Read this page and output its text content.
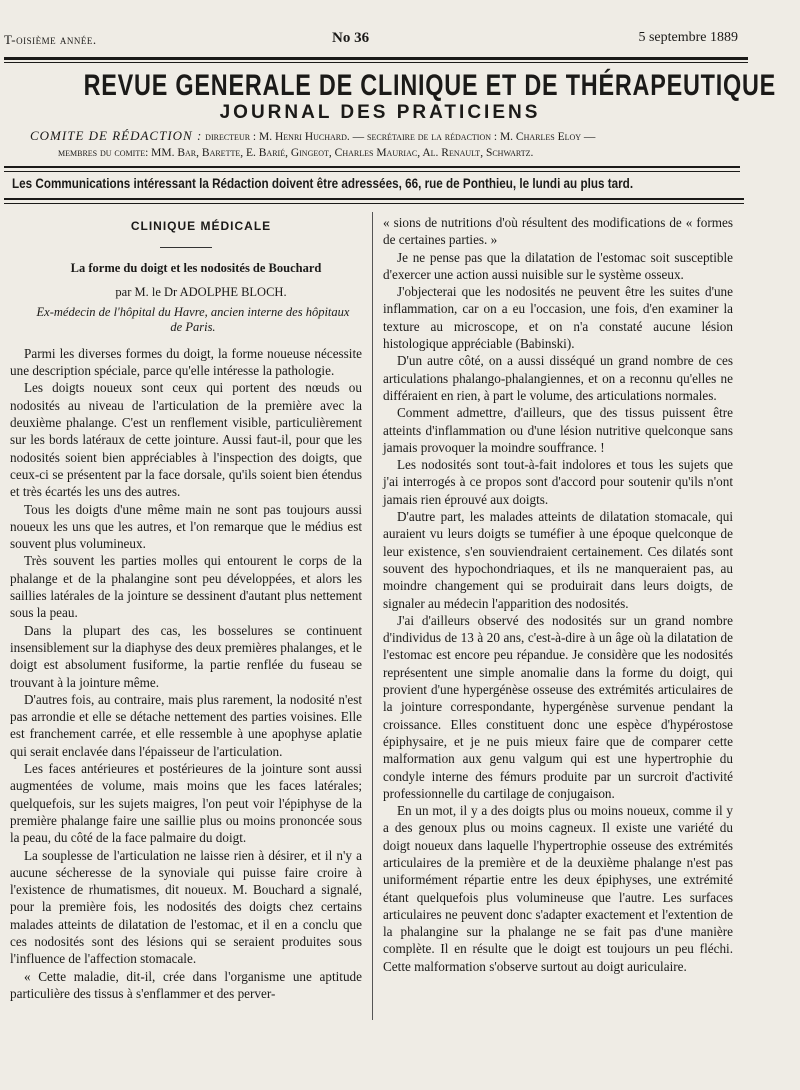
T-oisième année.	No 36	5 septembre 1889
REVUE GENERALE DE CLINIQUE ET DE THÉRAPEUTIQUE
JOURNAL DES PRATICIENS
COMITE DE RÉDACTION : directeur : M. Henri Huchard. — secrétaire de la rédaction : M. Charles Eloy —
membres du comite: MM. Bar, Barette, E. Barié, Gingeot, Charles Mauriac, Al. Renault, Schwartz.
Les Communications intéressant la Rédaction doivent être adressées, 66, rue de Ponthieu, le lundi au plus tard.
CLINIQUE MÉDICALE
La forme du doigt et les nodosités de Bouchard
par M. le Dr ADOLPHE BLOCH.
Ex-médecin de l'hôpital du Havre, ancien interne des hôpitaux de Paris.

Parmi les diverses formes du doigt, la forme noueuse nécessite une description spéciale, parce qu'elle intéresse la pathologie.

Les doigts noueux sont ceux qui portent des nœuds ou nodosités au niveau de l'articulation de la première avec la deuxième phalange. C'est un renflement visible, particulièrement sur les bords latéraux de cette jointure. Aussi faut-il, pour que les nodosités soient bien appréciables à l'inspection des doigts, que ceux-ci se présentent par la face dorsale, qu'ils soient bien étendus et très écartés les uns des autres.

Tous les doigts d'une même main ne sont pas toujours aussi noueux les uns que les autres, et l'on remarque que le médius est souvent plus volumineux.

Très souvent les parties molles qui entourent le corps de la phalange et de la phalangine sont peu développées, et alors les saillies latérales de la jointure se dessinent d'autant plus nettement sous la peau.

Dans la plupart des cas, les bosselures se continuent insensiblement sur la diaphyse des deux premières phalanges, et le doigt est absolument fusiforme, la partie renflée du fuseau se trouvant à la jointure même.

D'autres fois, au contraire, mais plus rarement, la nodosité n'est pas arrondie et elle se détache nettement des parties voisines. Elle est franchement carrée, et elle ressemble à une apophyse aplatie qui serait enclavée dans l'épaisseur de l'articulation.

Les faces antérieures et postérieures de la jointure sont aussi augmentées de volume, mais moins que les faces latérales; quelquefois, sur les sujets maigres, l'on peut voir l'épiphyse de la première phalange faire une saillie plus ou moins prononcée sous la peau, du côté de la face palmaire du doigt.

La souplesse de l'articulation ne laisse rien à désirer, et il n'y a aucune sécheresse de la synoviale qui puisse faire croire à l'existence de rhumatismes, dit noueux. M. Bouchard a signalé, pour la première fois, les nodosités des doigts chez certains malades atteints de dilatation de l'estomac, et il en a conclu que ces nodosités sont des lésions qui se seraient produites sous l'influence de l'affection stomacale.

« Cette maladie, dit-il, crée dans l'organisme une aptitude particulière des tissus à s'enflammer et des perver-

« sions de nutritions d'où résultent des modifications de « formes de certaines parties. »

Je ne pense pas que la dilatation de l'estomac soit susceptible d'exercer une action aussi nuisible sur le système osseux.

J'objecterai que les nodosités ne peuvent être les suites d'une inflammation, car on a eu l'occasion, une fois, d'en examiner la texture au microscope, et on n'a constaté aucune lésion histologique appréciable (Babinski).

D'un autre côté, on a aussi disséqué un grand nombre de ces articulations phalango-phalangiennes, et on a reconnu qu'elles ne différaient en rien, à part le volume, des articulations normales.

Comment admettre, d'ailleurs, que des tissus puissent être atteints d'inflammation ou d'une lésion nutritive quelconque sans jamais provoquer la moindre souffrance. !

Les nodosités sont tout-à-fait indolores et tous les sujets que j'ai interrogés à ce propos sont d'accord pour soutenir qu'ils n'ont jamais rien éprouvé aux doigts.

D'autre part, les malades atteints de dilatation stomacale, qui auraient vu leurs doigts se tuméfier à une époque quelconque de leur existence, s'en souviendraient certainement. Ces dilatés sont souvent des hypochondriaques, et ils ne manqueraient pas, au moindre changement qui se produirait dans leurs doigts, de signaler au médecin l'apparition des nodosités.

J'ai d'ailleurs observé des nodosités sur un grand nombre d'individus de 13 à 20 ans, c'est-à-dire à un âge où la dilatation de l'estomac est encore peu répandue. Je considère que les nodosités représentent une simple anomalie dans la forme du doigt, qui provient d'une hypergénèse osseuse des extrémités articulaires de la jointure correspondante, hypergénèse survenue pendant la croissance. Elles constituent donc une espèce d'hypérostose épiphysaire, et je ne puis mieux faire que de comparer cette malformation aux genu valgum qui est une hypertrophie du condyle interne des fémurs produite par un surcroit d'activité professionnelle du cartilage de conjugaison.

En un mot, il y a des doigts plus ou moins noueux, comme il y a des genoux plus ou moins cagneux. Il existe une variété du doigt noueux dans laquelle l'hypertrophie osseuse des extrémités articulaires de la première et de la deuxième phalange n'est pas uniformément répartie entre les deux épiphyses, une extrémité étant quelquefois plus volumineuse que l'autre. Les surfaces articulaires ne peuvent donc s'adapter exactement et l'extention de la phalangine sur la phalange ne se fait pas d'une manière complète. Il en résulte que le doigt est toujours un peu fléchi. Cette malformation s'observe surtout au doigt auriculaire.
